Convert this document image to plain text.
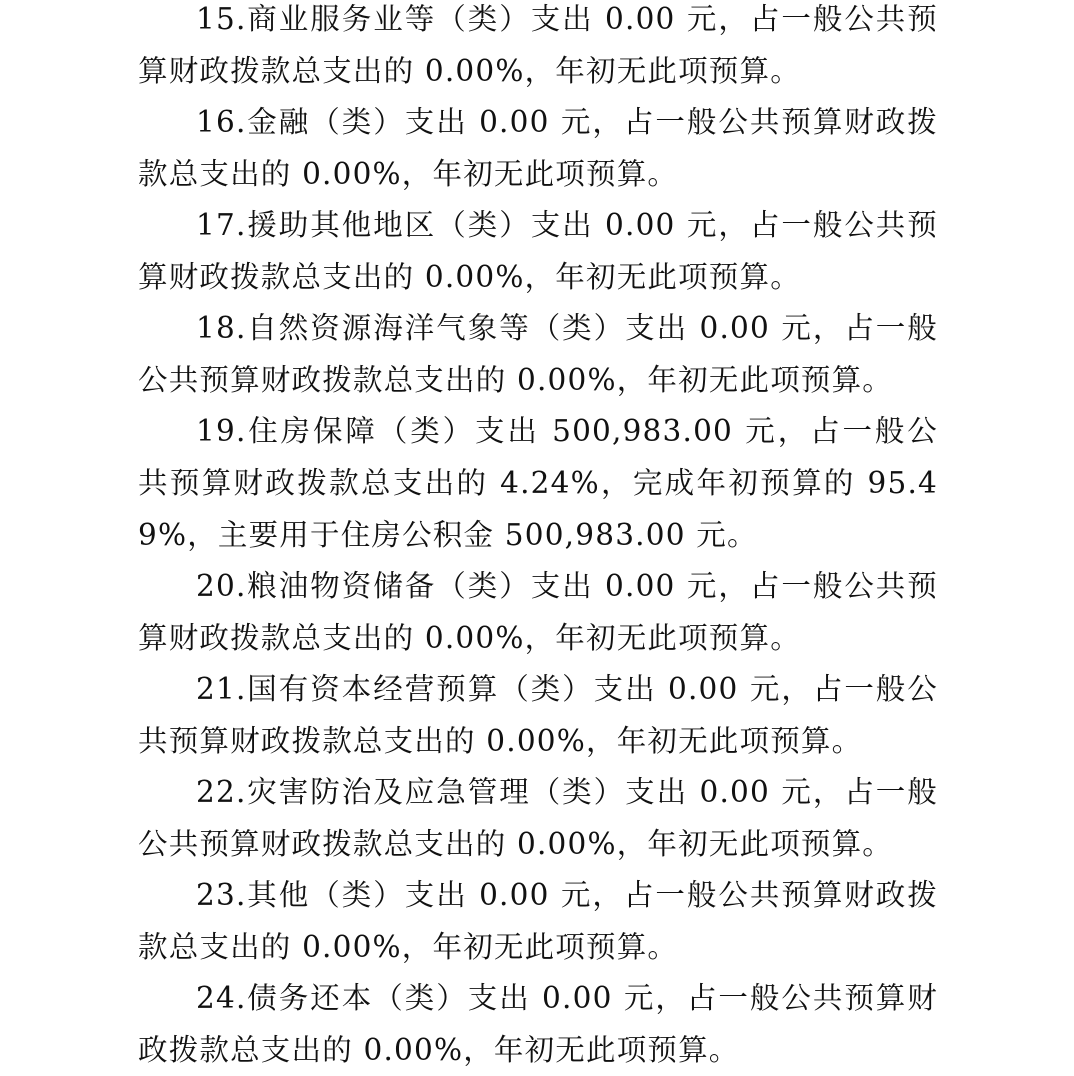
15.商业服务业等（类）支出 0.00 元，占一般公共预算财政拨款总支出的 0.00%，年初无此项预算。

16.金融（类）支出 0.00 元，占一般公共预算财政拨款总支出的 0.00%，年初无此项预算。

17.援助其他地区（类）支出 0.00 元，占一般公共预算财政拨款总支出的 0.00%，年初无此项预算。

18.自然资源海洋气象等（类）支出 0.00 元，占一般公共预算财政拨款总支出的 0.00%，年初无此项预算。

19.住房保障（类）支出 500,983.00 元，占一般公共预算财政拨款总支出的 4.24%，完成年初预算的 95.49%，主要用于住房公积金 500,983.00 元。

20.粮油物资储备（类）支出 0.00 元，占一般公共预算财政拨款总支出的 0.00%，年初无此项预算。

21.国有资本经营预算（类）支出 0.00 元，占一般公共预算财政拨款总支出的 0.00%，年初无此项预算。

22.灾害防治及应急管理（类）支出 0.00 元，占一般公共预算财政拨款总支出的 0.00%，年初无此项预算。

23.其他（类）支出 0.00 元，占一般公共预算财政拨款总支出的 0.00%，年初无此项预算。

24.债务还本（类）支出 0.00 元，占一般公共预算财政拨款总支出的 0.00%，年初无此项预算。
